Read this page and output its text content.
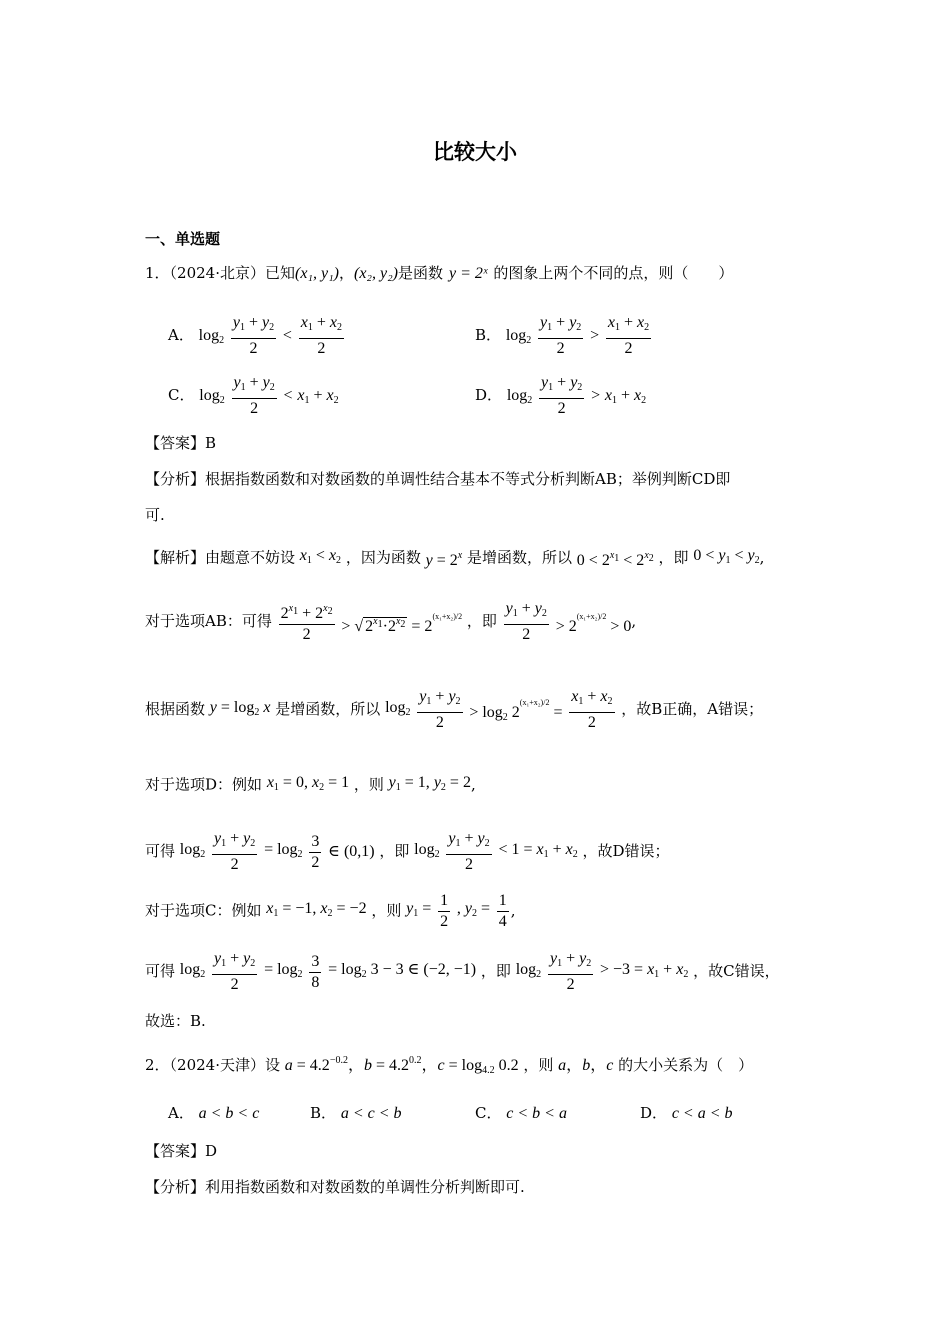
比较大小
一、单选题
1．（2024·北京）已知(x₁, y₁)，(x₂, y₂)是函数 y = 2ˣ 的图象上两个不同的点，则（　　）
A． $\log_2 \frac{y_1 + y_2}{2} < \frac{x_1 + x_2}{2}$	B． $\log_2 \frac{y_1 + y_2}{2} > \frac{x_1 + x_2}{2}$
C． $\log_2 \frac{y_1 + y_2}{2} < x_1 + x_2$	D． $\log_2 \frac{y_1 + y_2}{2} > x_1 + x_2$
【答案】B
【分析】根据指数函数和对数函数的单调性结合基本不等式分析判断AB；举例判断CD即
可.
【解析】由题意不妨设 $x_1 < x_2$ ，因为函数 $y = 2^x$ 是增函数，所以 $0 < 2^{x_1} < 2^{x_2}$ ，即 $0 < y_1 < y_2$,
对于选项AB：可得 $\frac{2^{x_1} + 2^{x_2}}{2}$ > √ $2^{x_1}\cdot 2^{x_2} = 2^{(x_1+x_2)/2}$ ，即 $\frac{y_1 + y_2}{2} > 2^{(x_1+x_2)/2} > 0$,
根据函数 $y = \log_2 x$ 是增函数，所以 $\log_2 \frac{y_1 + y_2}{2} > \log_2 2^{(x_1+x_2)/2} = \frac{x_1 + x_2}{2}$ ，故B正确，A错误；
对于选项D：例如 $x_1 = 0$, $x_2 = 1$ ，则 $y_1 = 1$, $y_2 = 2$,
可得 $\log_2 \frac{y_1 + y_2}{2} = \log_2 \frac{3}{2}$ ∈ (0,1) ，即 $\log_2 \frac{y_1 + y_2}{2} < 1 = x_1 + x_2$ ，故D错误；
对于选项C：例如 $x_1 = -1$, $x_2 = -2$ ，则 $y_1 = \frac{1}{2}$ , $y_2 = \frac{1}{4}$ ,
可得 $\log_2 \frac{y_1 + y_2}{2} = \log_2 \frac{3}{8} = \log_2 3 - 3$ ∈ (−2, −1) ，即 $\log_2 \frac{y_1 + y_2}{2} > -3 = x_1 + x_2$ ，故C错误，
故选：B.
2．（2024·天津）设 $a = 4.2^{-0.2}$，$b = 4.2^{0.2}$，$c = \log_{4.2} 0.2$ ，则 a，b，c 的大小关系为（　）
A． a < b < c	B． a < c < b	C． c < b < a	D． c < a < b
【答案】D
【分析】利用指数函数和对数函数的单调性分析判断即可.
